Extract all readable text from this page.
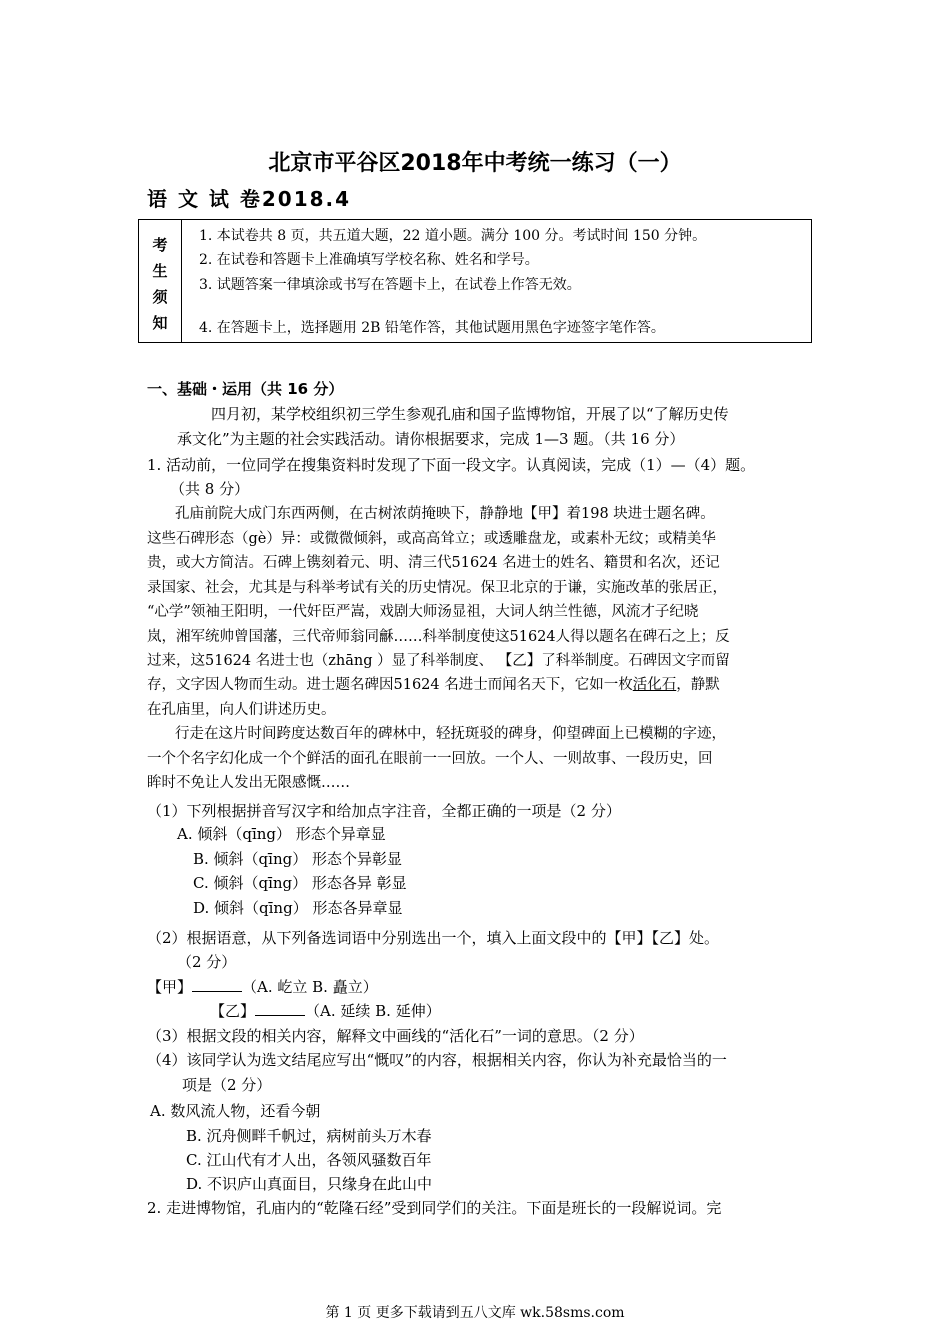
北京市平谷区2018年中考统一练习（一）
语 文 试 卷2018.4
考
生
须
知
1. 本试卷共 8 页，共五道大题，22 道小题。满分 100 分。考试时间 150 分钟。
2. 在试卷和答题卡上准确填写学校名称、姓名和学号。
3. 试题答案一律填涂或书写在答题卡上，在试卷上作答无效。
4. 在答题卡上，选择题用 2B 铅笔作答，其他试题用黑色字迹签字笔作答。
一、基础・运用（共 16 分）
四月初，某学校组织初三学生参观孔庙和国子监博物馆，开展了以“了解历史传
承文化”为主题的社会实践活动。请你根据要求，完成 1—3 题。（共 16 分）
1. 活动前，一位同学在搜集资料时发现了下面一段文字。认真阅读，完成（1）—（4）题。
（共 8 分）
孔庙前院大成门东西两侧，在古树浓荫掩映下，静静地【甲】着198 块进士题名碑。
这些石碑形态（gè）异：或微微倾斜，或高高耸立；或透雕盘龙，或素朴无纹；或精美华
贵，或大方简洁。石碑上镌刻着元、明、清三代51624 名进士的姓名、籍贯和名次，还记
录国家、社会，尤其是与科举考试有关的历史情况。保卫北京的于谦，实施改革的张居正，
“心学”领袖王阳明，一代奸臣严嵩，戏剧大师汤显祖，大词人纳兰性德，风流才子纪晓
岚，湘军统帅曾国藩，三代帝师翁同龢……科举制度使这51624人得以题名在碑石之上；反
过来，这51624 名进士也（zhāng ）显了科举制度、 【乙】了科举制度。石碑因文字而留
存，文字因人物而生动。进士题名碑因51624 名进士而闻名天下，它如一枚活化石，静默
在孔庙里，向人们讲述历史。
行走在这片时间跨度达数百年的碑林中，轻抚斑驳的碑身，仰望碑面上已模糊的字迹，
一个个名字幻化成一个个鲜活的面孔在眼前一一回放。一个人、一则故事、一段历史，回
眸时不免让人发出无限感慨……
（1）下列根据拼音写汉字和给加点字注音，全都正确的一项是（2 分）
A. 倾斜（qīng） 形态个异章显
B. 倾斜（qīng） 形态个异彰显
C. 倾斜（qīng） 形态各异 彰显
D. 倾斜（qīng） 形态各异章显
（2）根据语意，从下列备选词语中分别选出一个，填入上面文段中的【甲】【乙】处。
（2 分）
【甲】	（A. 屹立 B. 矗立）
【乙】	（A. 延续 B. 延伸）
（3）根据文段的相关内容，解释文中画线的“活化石”一词的意思。（2 分）
（4）该同学认为选文结尾应写出“慨叹”的内容，根据相关内容，你认为补充最恰当的一
项是（2 分）
A. 数风流人物，还看今朝
B. 沉舟侧畔千帆过，病树前头万木春
C. 江山代有才人出，各领风骚数百年
D. 不识庐山真面目，只缘身在此山中
2. 走进博物馆，孔庙内的“乾隆石经”受到同学们的关注。下面是班长的一段解说词。完
第 1 页 更多下载请到五八文库 wk.58sms.com
